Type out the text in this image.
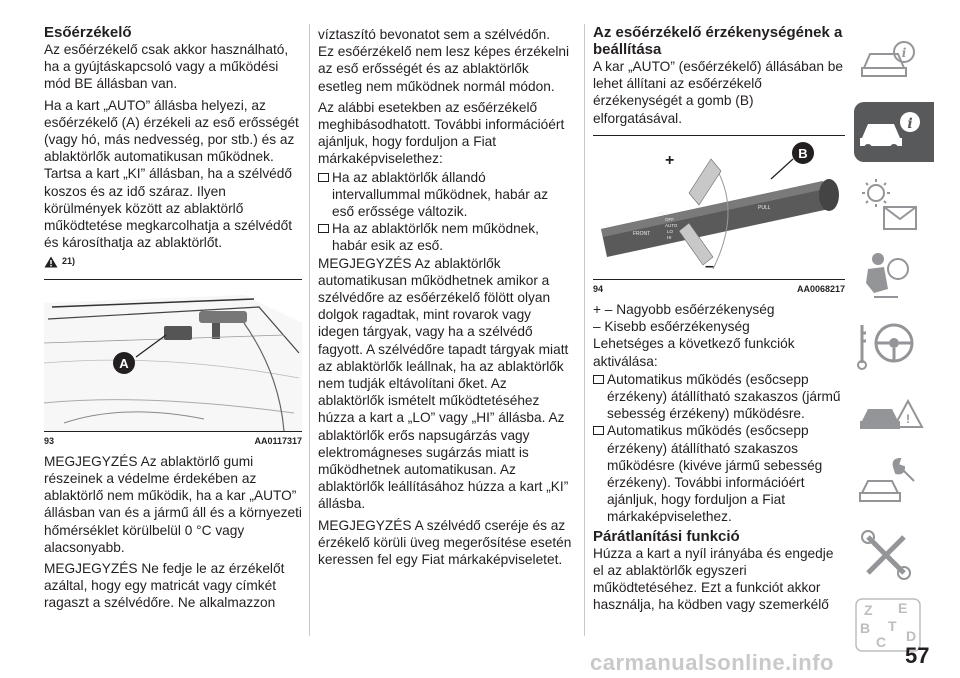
Esőérzékelő

Az esőérzékelő csak akkor használható, ha a gyújtáskapcsoló vagy a működési mód BE állásban van.

Ha a kart „AUTO” állásba helyezi, az esőérzékelő (A) érzékeli az eső erősségét (vagy hó, más nedvesség, por stb.) és az ablaktörlők automatikusan működnek. Tartsa a kart „KI” állásban, ha a szélvédő koszos és az idő száraz. Ilyen körülmények között az ablaktörlő működtetése megkarcolhatja a szélvédőt és károsíthatja az ablaktörlőt.

21)
A
93	AA0117317

MEGJEGYZÉS Az ablaktörlő gumi részeinek a védelme érdekében az ablaktörlő nem működik, ha a kar „AUTO” állásban van és a jármű áll és a környezeti hőmérséklet körülbelül 0 °C vagy alacsonyabb.

MEGJEGYZÉS Ne fedje le az érzékelőt azáltal, hogy egy matricát vagy címkét ragaszt a szélvédőre. Ne alkalmazzon

víztaszító bevonatot sem a szélvédőn.

Ez esőérzékelő nem lesz képes érzékelni az eső erősségét és az ablaktörlők esetleg nem működnek normál módon.

Az alábbi esetekben az esőérzékelő meghibásodhatott. További információért ajánljuk, hogy forduljon a Fiat márkaképviselethez:

Ha az ablaktörlők állandó intervallummal működnek, habár az eső erőssége változik.
Ha az ablaktörlők nem működnek, habár esik az eső.

MEGJEGYZÉS Az ablaktörlők automatikusan működhetnek amikor a szélvédőre az esőérzékelő fölött olyan dolgok ragadtak, mint rovarok vagy idegen tárgyak, vagy ha a szélvédő fagyott. A szélvédőre tapadt tárgyak miatt az ablaktörlők leállnak, ha az ablaktörlők nem tudják eltávolítani őket. Az ablaktörlők ismételt működtetéséhez húzza a kart a „LO” vagy „HI” állásba. Az ablaktörlők erős napsugárzás vagy elektromágneses sugárzás miatt is működhetnek automatikusan. Az ablaktörlők leállításához húzza a kart „KI” állásba.

MEGJEGYZÉS A szélvédő cseréje és az érzékelő körüli üveg megerősítése esetén keressen fel egy Fiat márkaképviseletet.

Az esőérzékelő érzékenységének a beállítása

A kar „AUTO” (esőérzékelő) állásában be lehet állítani az esőérzékelő érzékenységét a gomb (B) elforgatásával.

+
–
FRONT
MIST
OFF
AUTO
LO
HI
PULL
B
94	AA0068217

+ – Nagyobb esőérzékenység

– Kisebb esőérzékenység

Lehetséges a következő funkciók aktiválása:

Automatikus működés (esőcsepp érzékeny) átállítható szakaszos (jármű sebesség érzékeny) működésre.
Automatikus működés (esőcsepp érzékeny) átállítható szakaszos működésre (kivéve jármű sebesség érzékeny). További információért ajánljuk, hogy forduljon a Fiat márkaképviselethez.
Párátlanítási funkció

Húzza a kart a nyíl irányába és engedje el az ablaktörlők egyszeri működtetéséhez. Ezt a funkciót akkor használja, ha ködben vagy szemerkélő

i
i
!
Z E
B
C D
T
carmanualsonline.info	57
